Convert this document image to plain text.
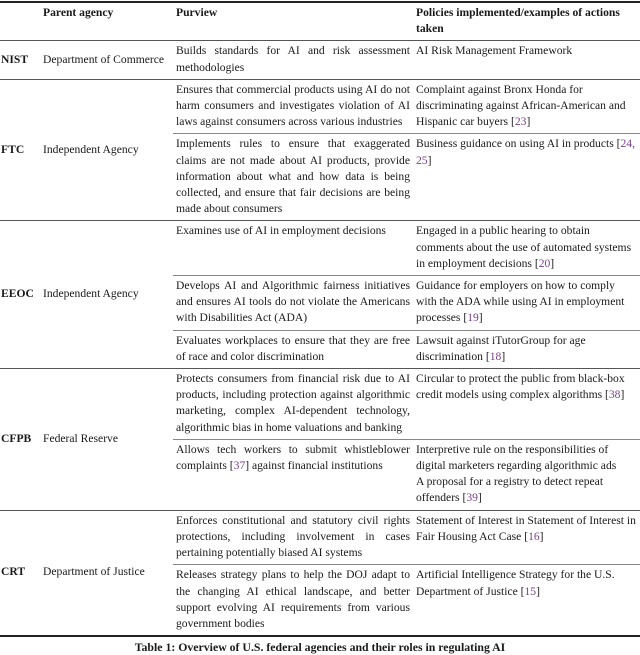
	Parent agency	Purview	Policies implemented/examples of actions taken
NIST	Department of Commerce	Builds standards for AI and risk assessment methodologies	AI Risk Management Framework
FTC	Independent Agency	Ensures that commercial products using AI do not harm consumers and investigates violation of AI laws against consumers across various industries	Complaint against Bronx Honda for discriminating against African-American and Hispanic car buyers [23]
		Implements rules to ensure that exaggerated claims are not made about AI products, provide information about what and how data is being collected, and ensure that fair decisions are being made about consumers	Business guidance on using AI in products [24, 25]
EEOC	Independent Agency	Examines use of AI in employment decisions	Engaged in a public hearing to obtain comments about the use of automated systems in employment decisions [20]
		Develops AI and Algorithmic fairness initiatives and ensures AI tools do not violate the Americans with Disabilities Act (ADA)	Guidance for employers on how to comply with the ADA while using AI in employment processes [19]
		Evaluates workplaces to ensure that they are free of race and color discrimination	Lawsuit against iTutorGroup for age discrimination [18]
CFPB	Federal Reserve	Protects consumers from financial risk due to AI products, including protection against algorithmic marketing, complex AI-dependent technology, algorithmic bias in home valuations and banking	Circular to protect the public from black-box credit models using complex algorithms [38]
		Allows tech workers to submit whistleblower complaints [37] against financial institutions	Interpretive rule on the responsibilities of digital marketers regarding algorithmic ads
A proposal for a registry to detect repeat offenders [39]
CRT	Department of Justice	Enforces constitutional and statutory civil rights protections, including involvement in cases pertaining potentially biased AI systems	Statement of Interest in Statement of Interest in Fair Housing Act Case [16]
		Releases strategy plans to help the DOJ adapt to the changing AI ethical landscape, and better support evolving AI requirements from various government bodies	Artificial Intelligence Strategy for the U.S. Department of Justice [15]
Table 1: Overview of U.S. federal agencies and their roles in regulating AI
